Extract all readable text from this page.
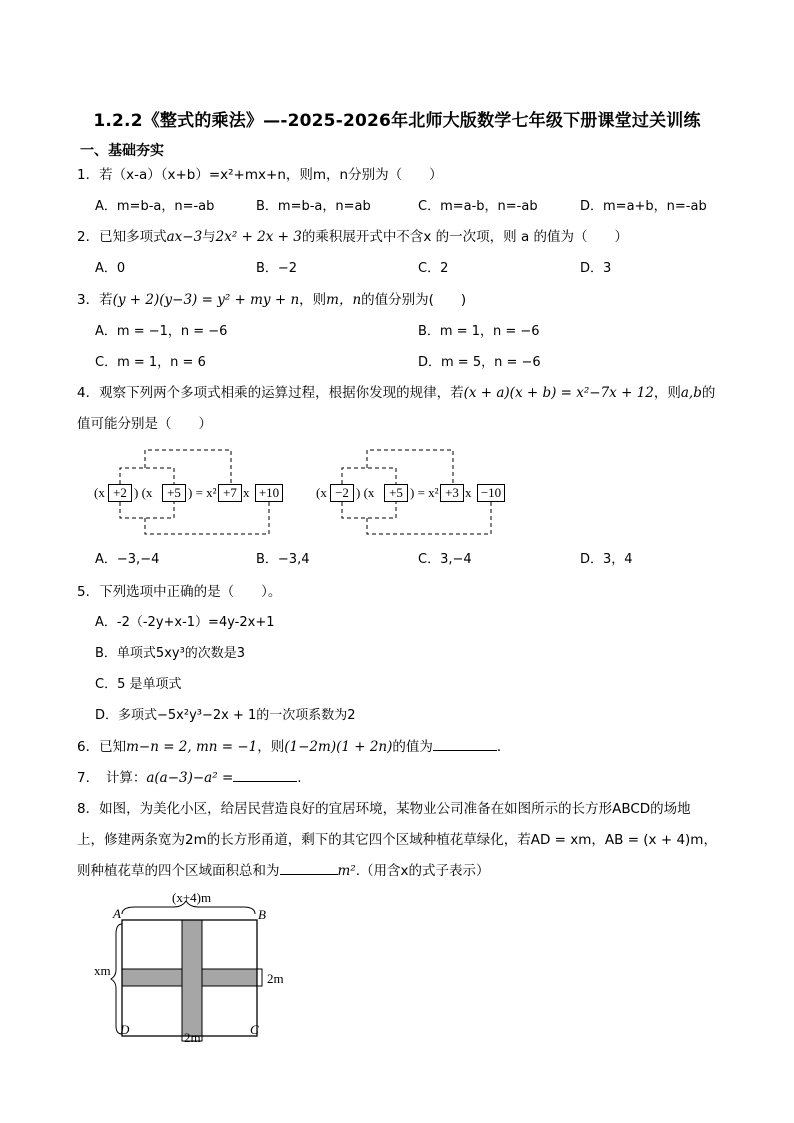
1.2.2《整式的乘法》—-2025-2026年北师大版数学七年级下册课堂过关训练
一、基础夯实
1．若（x-a）（x+b）=x²+mx+n，则m，n分别为（　　）
A．m=b-a，n=-ab	B．m=b-a，n=ab	C．m=a-b，n=-ab	D．m=a+b，n=-ab
2．已知多项式ax−3与2x² + 2x + 3的乘积展开式中不含x 的一次项，则 a 的值为（　　）
A．0	B．−2	C．2	D．3
3．若(y + 2)(y−3) = y² + my + n，则m，n的值分别为(　　)
A．m = −1，n = −6	B．m = 1，n = −6
C．m = 1，n = 6	D．m = 5，n = −6
4．观察下列两个多项式相乘的运算过程，根据你发现的规律，若(x + a)(x + b) = x²−7x + 12，则a,b的
值可能分别是（　　）
(x +2 ) (x	+5 ) = x² +7 x +10	(x −2 ) (x	+5 ) = x² +3 x −10
A．−3,−4	B．−3,4	C．3,−4	D．3，4
5．下列选项中正确的是（　　）。
A．-2（-2y+x-1）=4y-2x+1
B．单项式5xy³的次数是3
C．5 是单项式
D．多项式−5x²y³−2x + 1的一次项系数为2
6．已知m−n = 2, mn = −1，则(1−2m)(1 + 2n)的值为	．
7．　计算：a(a−3)−a² =	.
8．如图，为美化小区，给居民营造良好的宜居环境，某物业公司准备在如图所示的长方形ABCD的场地
上，修建两条宽为2m的长方形甬道，剩下的其它四个区域种植花草绿化，若AD = xm，AB = (x + 4)m，
则种植花草的四个区域面积总和为	m².（用含x的式子表示）
(x+4)m
xm
2m
2m
A	B
C
D
